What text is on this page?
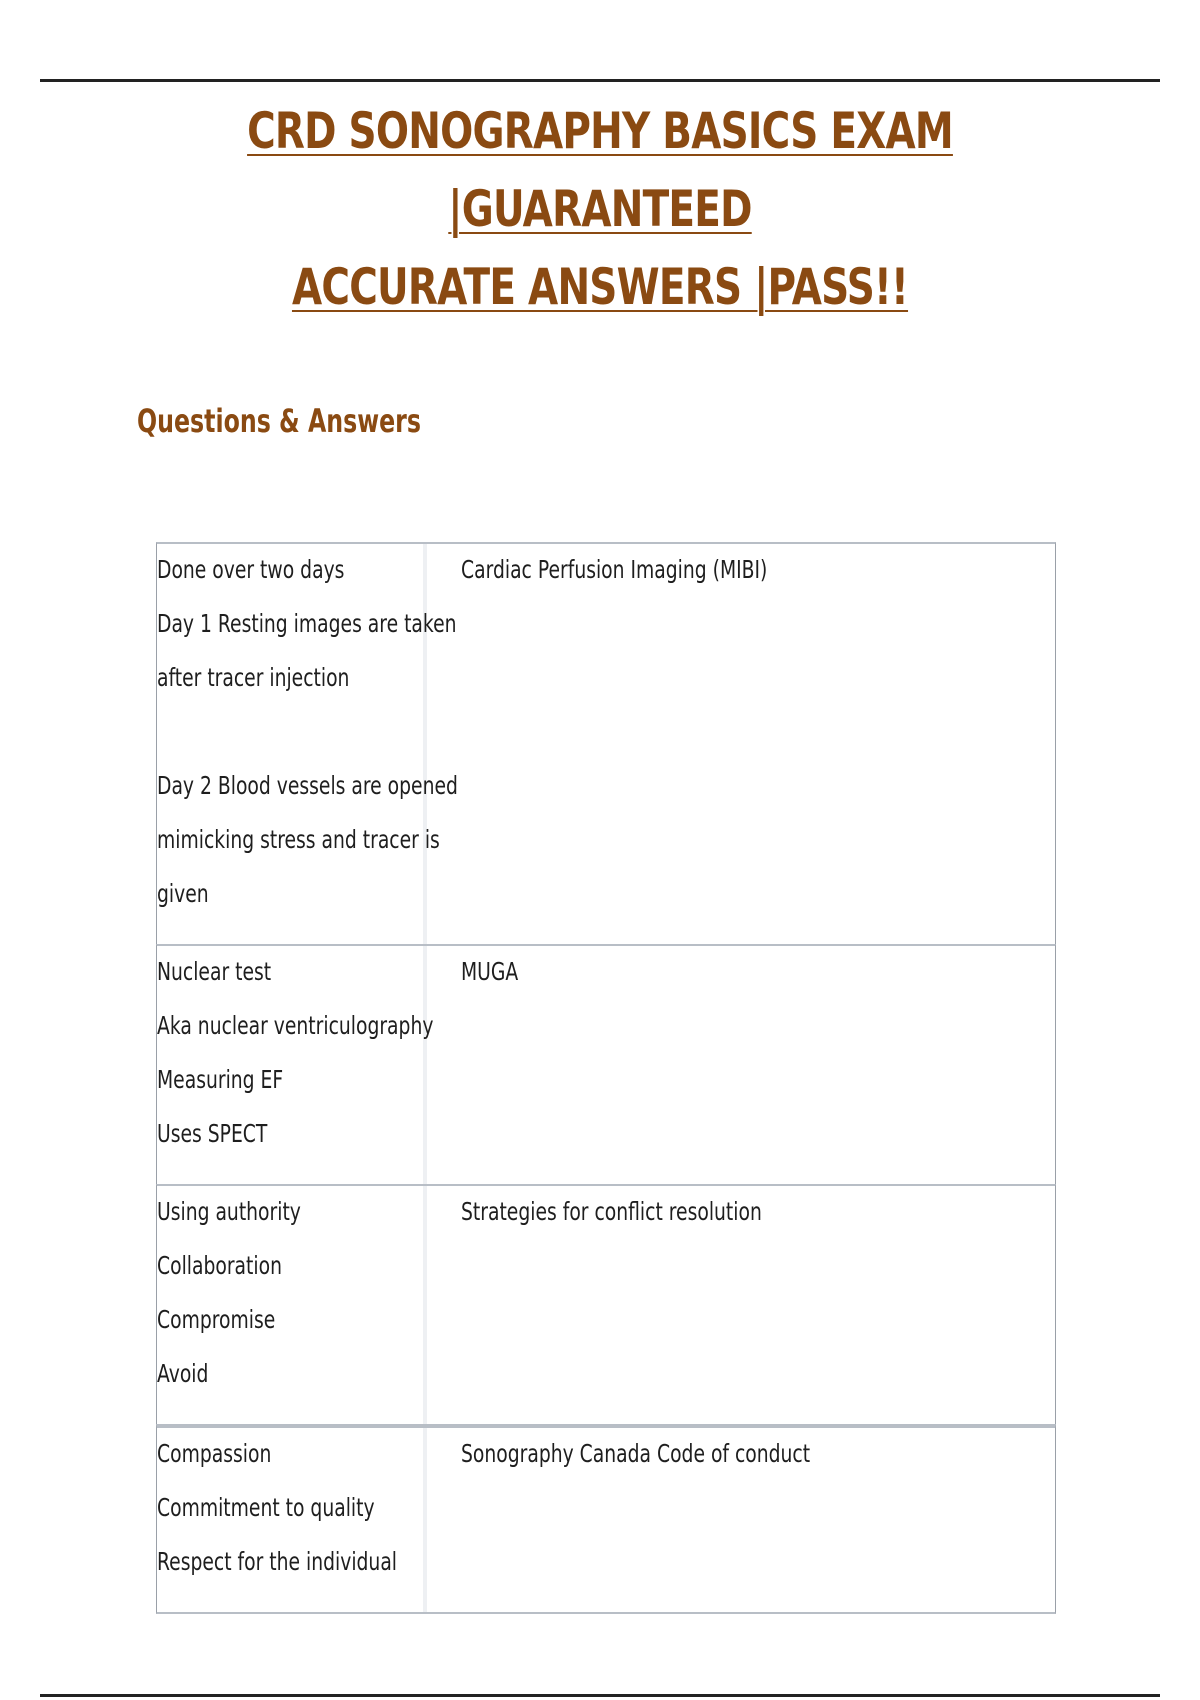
CRD SONOGRAPHY BASICS EXAM |GUARANTEED
ACCURATE ANSWERS |PASS!!
Questions & Answers
Done over two days
Day 1 Resting images are taken
after tracer injection
Day 2 Blood vessels are opened
mimicking stress and tracer is
given
Cardiac Perfusion Imaging (MIBI)
Nuclear test
Aka nuclear ventriculography
Measuring EF
Uses SPECT
MUGA
Using authority
Collaboration
Compromise
Avoid
Strategies for conflict resolution
Compassion
Commitment to quality
Respect for the individual
Sonography Canada Code of conduct
